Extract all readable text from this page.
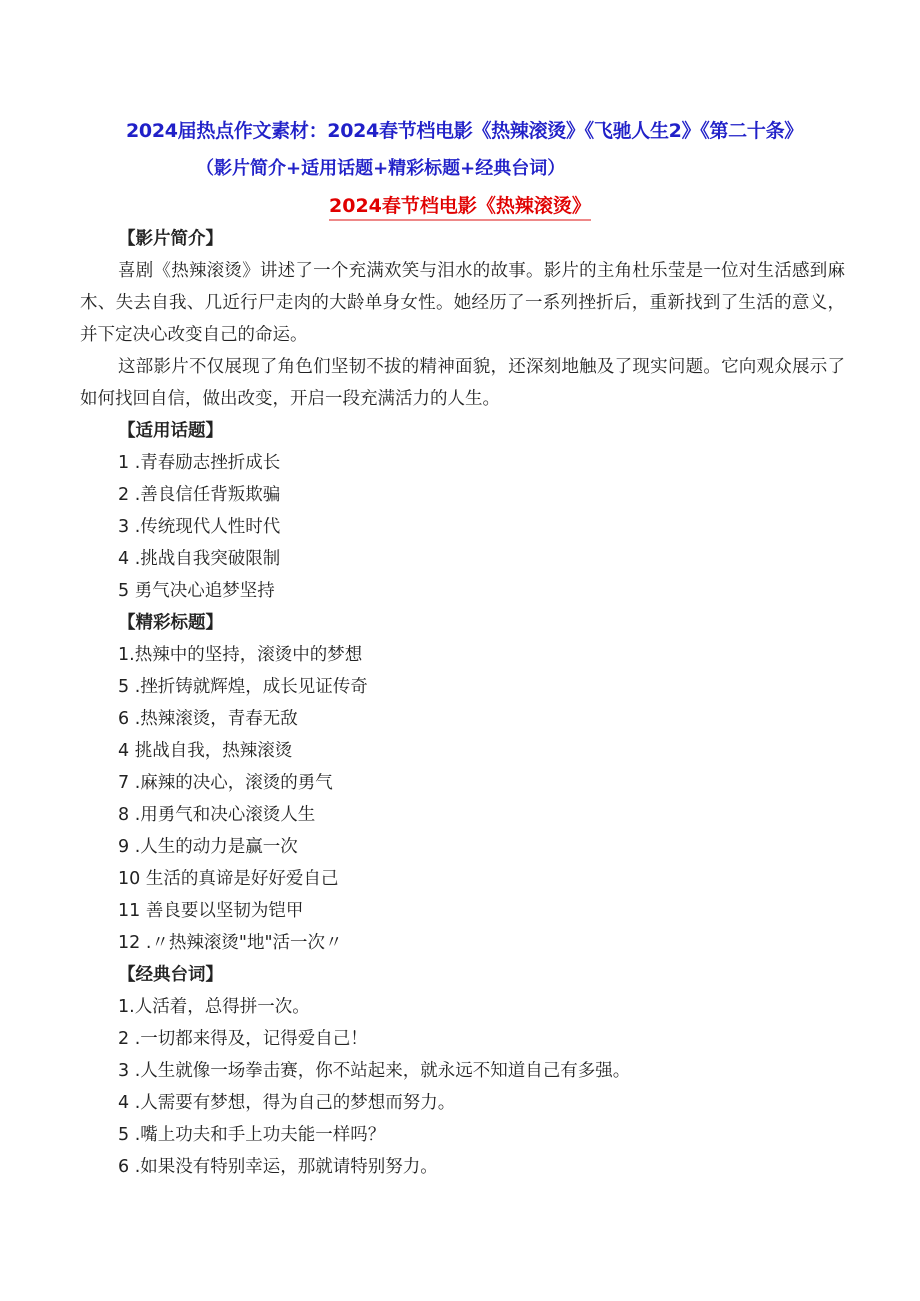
2024届热点作文素材：2024春节档电影《热辣滚烫》《飞驰人生2》《第二十条》
（影片简介+适用话题+精彩标题+经典台词）
2024春节档电影《热辣滚烫》
【影片简介】

喜剧《热辣滚烫》讲述了一个充满欢笑与泪水的故事。影片的主角杜乐莹是一位对生活感到麻木、失去自我、几近行尸走肉的大龄单身女性。她经历了一系列挫折后，重新找到了生活的意义，并下定决心改变自己的命运。

这部影片不仅展现了角色们坚韧不拔的精神面貌，还深刻地触及了现实问题。它向观众展示了如何找回自信，做出改变，开启一段充满活力的人生。

【适用话题】
1 .青春励志挫折成长
2 .善良信任背叛欺骗
3 .传统现代人性时代
4 .挑战自我突破限制
5 勇气决心追梦坚持
【精彩标题】
1.热辣中的坚持，滚烫中的梦想
5 .挫折铸就辉煌，成长见证传奇
6 .热辣滚烫，青春无敌
4 挑战自我，热辣滚烫
7 .麻辣的决心，滚烫的勇气
8 .用勇气和决心滚烫人生
9 .人生的动力是赢一次
10 生活的真谛是好好爱自己
11 善良要以坚韧为铠甲
12 .〃热辣滚烫"地"活一次〃
【经典台词】
1.人活着，总得拼一次。
2 .一切都来得及，记得爱自己！
3 .人生就像一场拳击赛，你不站起来，就永远不知道自己有多强。
4 .人需要有梦想，得为自己的梦想而努力。
5 .嘴上功夫和手上功夫能一样吗？
6 .如果没有特别幸运，那就请特别努力。
